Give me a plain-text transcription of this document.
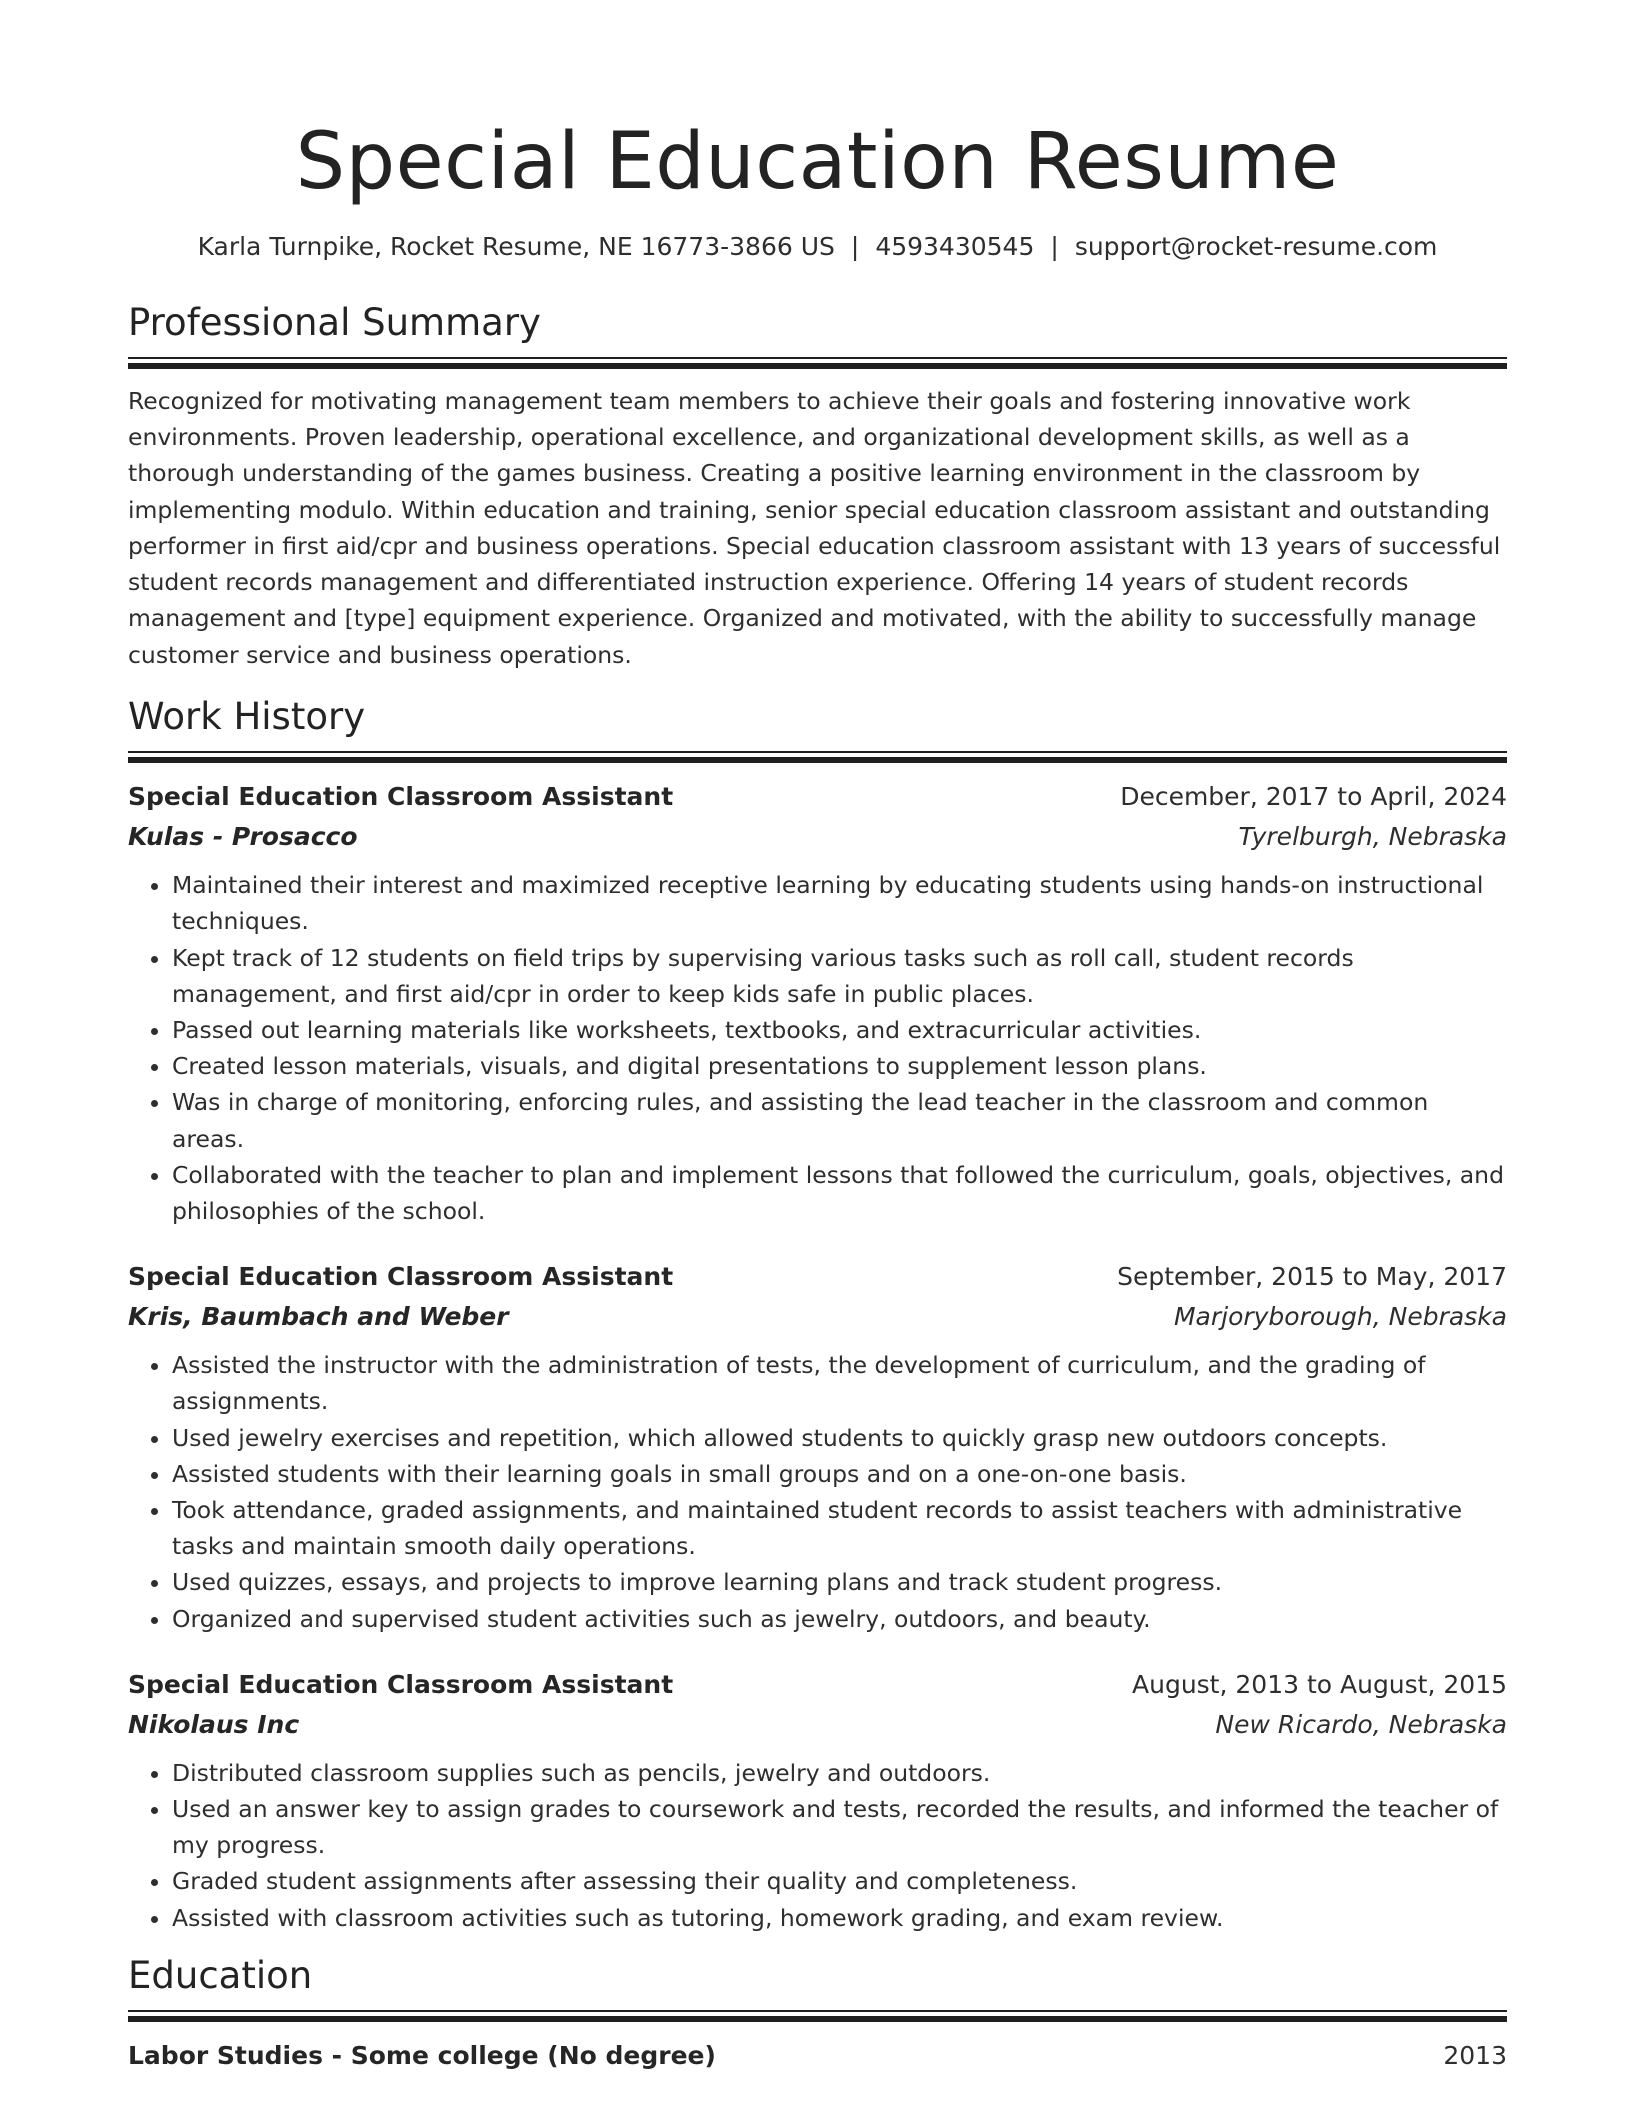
Special Education Resume
Karla Turnpike, Rocket Resume, NE 16773-3866 US | 4593430545 | support@rocket-resume.com
Professional Summary
Recognized for motivating management team members to achieve their goals and fostering innovative work environments. Proven leadership, operational excellence, and organizational development skills, as well as a thorough understanding of the games business. Creating a positive learning environment in the classroom by implementing modulo. Within education and training, senior special education classroom assistant and outstanding performer in first aid/cpr and business operations. Special education classroom assistant with 13 years of successful student records management and differentiated instruction experience. Offering 14 years of student records management and [type] equipment experience. Organized and motivated, with the ability to successfully manage customer service and business operations.
Work History
Special Education Classroom Assistant	December, 2017 to April, 2024
Kulas - Prosacco	Tyrelburgh, Nebraska
• Maintained their interest and maximized receptive learning by educating students using hands-on instructional techniques.
• Kept track of 12 students on field trips by supervising various tasks such as roll call, student records management, and first aid/cpr in order to keep kids safe in public places.
• Passed out learning materials like worksheets, textbooks, and extracurricular activities.
• Created lesson materials, visuals, and digital presentations to supplement lesson plans.
• Was in charge of monitoring, enforcing rules, and assisting the lead teacher in the classroom and common areas.
• Collaborated with the teacher to plan and implement lessons that followed the curriculum, goals, objectives, and philosophies of the school.
Special Education Classroom Assistant	September, 2015 to May, 2017
Kris, Baumbach and Weber	Marjoryborough, Nebraska
• Assisted the instructor with the administration of tests, the development of curriculum, and the grading of assignments.
• Used jewelry exercises and repetition, which allowed students to quickly grasp new outdoors concepts.
• Assisted students with their learning goals in small groups and on a one-on-one basis.
• Took attendance, graded assignments, and maintained student records to assist teachers with administrative tasks and maintain smooth daily operations.
• Used quizzes, essays, and projects to improve learning plans and track student progress.
• Organized and supervised student activities such as jewelry, outdoors, and beauty.
Special Education Classroom Assistant	August, 2013 to August, 2015
Nikolaus Inc	New Ricardo, Nebraska
• Distributed classroom supplies such as pencils, jewelry and outdoors.
• Used an answer key to assign grades to coursework and tests, recorded the results, and informed the teacher of my progress.
• Graded student assignments after assessing their quality and completeness.
• Assisted with classroom activities such as tutoring, homework grading, and exam review.
Education
Labor Studies - Some college (No degree)	2013
